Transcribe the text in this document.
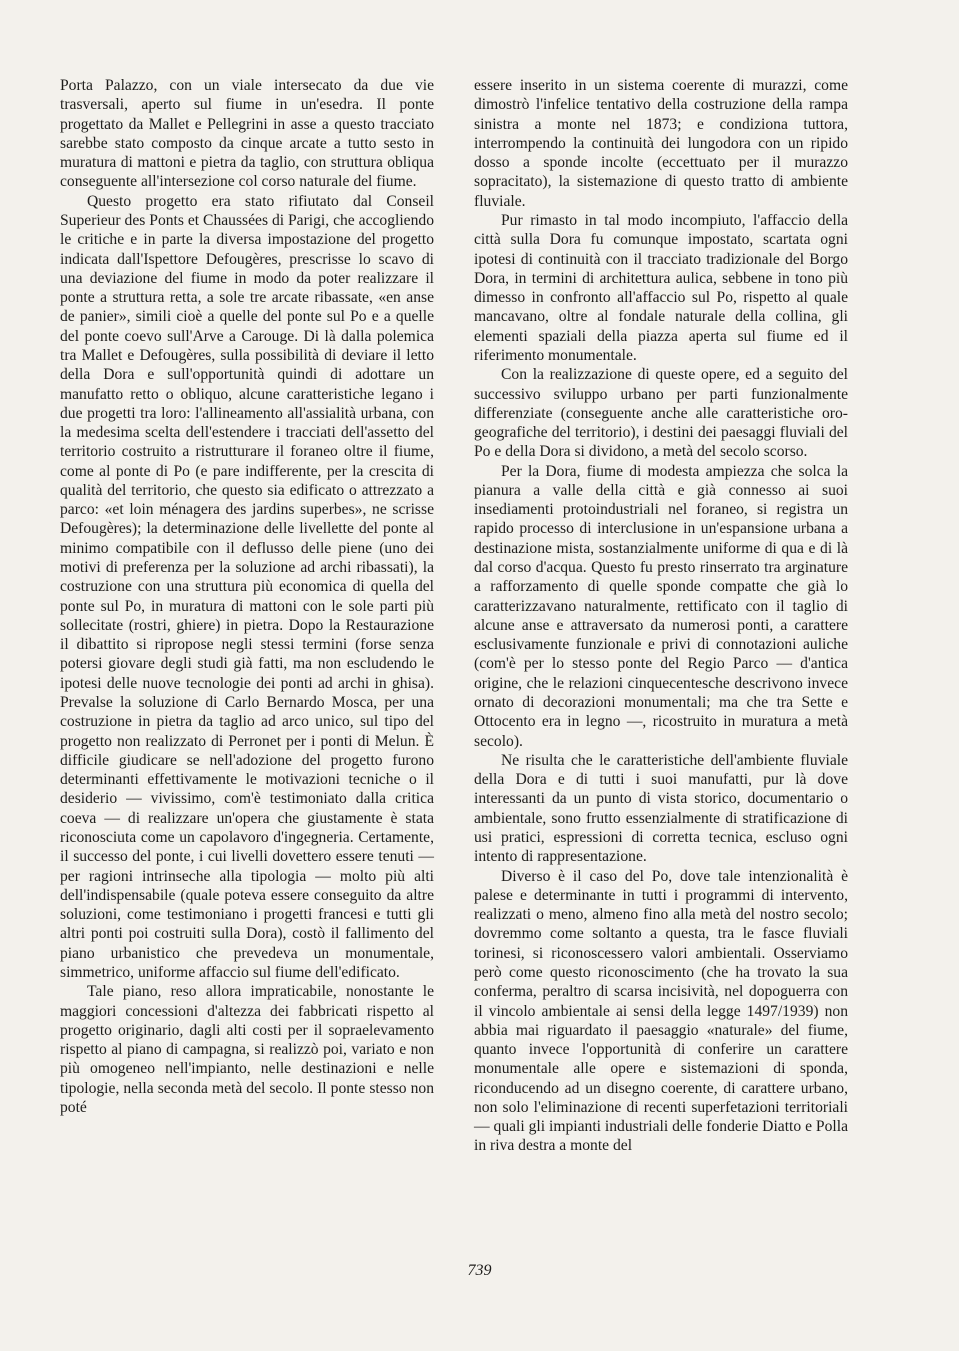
Porta Palazzo, con un viale intersecato da due vie trasversali, aperto sul fiume in un'esedra. Il ponte progettato da Mallet e Pellegrini in asse a questo tracciato sarebbe stato composto da cinque arcate a tutto sesto in muratura di mattoni e pietra da taglio, con struttura obliqua conseguente all'intersezione col corso naturale del fiume.

Questo progetto era stato rifiutato dal Conseil Superieur des Ponts et Chaussées di Parigi, che accogliendo le critiche e in parte la diversa impostazione del progetto indicata dall'Ispettore Defougères, prescrisse lo scavo di una deviazione del fiume in modo da poter realizzare il ponte a struttura retta, a sole tre arcate ribassate, «en anse de panier», simili cioè a quelle del ponte sul Po e a quelle del ponte coevo sull'Arve a Carouge. Di là dalla polemica tra Mallet e Defougères, sulla possibilità di deviare il letto della Dora e sull'opportunità quindi di adottare un manufatto retto o obliquo, alcune caratteristiche legano i due progetti tra loro: l'allineamento all'assialità urbana, con la medesima scelta dell'estendere i tracciati dell'assetto del territorio costruito a ristrutturare il foraneo oltre il fiume, come al ponte di Po (e pare indifferente, per la crescita di qualità del territorio, che questo sia edificato o attrezzato a parco: «et loin ménagera des jardins superbes», ne scrisse Defougères); la determinazione delle livellette del ponte al minimo compatibile con il deflusso delle piene (uno dei motivi di preferenza per la soluzione ad archi ribassati), la costruzione con una struttura più economica di quella del ponte sul Po, in muratura di mattoni con le sole parti più sollecitate (rostri, ghiere) in pietra. Dopo la Restaurazione il dibattito si ripropose negli stessi termini (forse senza potersi giovare degli studi già fatti, ma non escludendo le ipotesi delle nuove tecnologie dei ponti ad archi in ghisa). Prevalse la soluzione di Carlo Bernardo Mosca, per una costruzione in pietra da taglio ad arco unico, sul tipo del progetto non realizzato di Perronet per i ponti di Melun. È difficile giudicare se nell'adozione del progetto furono determinanti effettivamente le motivazioni tecniche o il desiderio — vivissimo, com'è testimoniato dalla critica coeva — di realizzare un'opera che giustamente è stata riconosciuta come un capolavoro d'ingegneria. Certamente, il successo del ponte, i cui livelli dovettero essere tenuti — per ragioni intrinseche alla tipologia — molto più alti dell'indispensabile (quale poteva essere conseguito da altre soluzioni, come testimoniano i progetti francesi e tutti gli altri ponti poi costruiti sulla Dora), costò il fallimento del piano urbanistico che prevedeva un monumentale, simmetrico, uniforme affaccio sul fiume dell'edificato.

Tale piano, reso allora impraticabile, nonostante le maggiori concessioni d'altezza dei fabbricati rispetto al progetto originario, dagli alti costi per il sopraelevamento rispetto al piano di campagna, si realizzò poi, variato e non più omogeneo nell'impianto, nelle destinazioni e nelle tipologie, nella seconda metà del secolo. Il ponte stesso non poté

essere inserito in un sistema coerente di murazzi, come dimostrò l'infelice tentativo della costruzione della rampa sinistra a monte nel 1873; e condiziona tuttora, interrompendo la continuità dei lungodora con un ripido dosso a sponde incolte (eccettuato per il murazzo sopracitato), la sistemazione di questo tratto di ambiente fluviale.

Pur rimasto in tal modo incompiuto, l'affaccio della città sulla Dora fu comunque impostato, scartata ogni ipotesi di continuità con il tracciato tradizionale del Borgo Dora, in termini di architettura aulica, sebbene in tono più dimesso in confronto all'affaccio sul Po, rispetto al quale mancavano, oltre al fondale naturale della collina, gli elementi spaziali della piazza aperta sul fiume ed il riferimento monumentale.

Con la realizzazione di queste opere, ed a seguito del successivo sviluppo urbano per parti funzionalmente differenziate (conseguente anche alle caratteristiche oro-geografiche del territorio), i destini dei paesaggi fluviali del Po e della Dora si dividono, a metà del secolo scorso.

Per la Dora, fiume di modesta ampiezza che solca la pianura a valle della città e già connesso ai suoi insediamenti protoindustriali nel foraneo, si registra un rapido processo di interclusione in un'espansione urbana a destinazione mista, sostanzialmente uniforme di qua e di là dal corso d'acqua. Questo fu presto rinserrato tra arginature a rafforzamento di quelle sponde compatte che già lo caratterizzavano naturalmente, rettificato con il taglio di alcune anse e attraversato da numerosi ponti, a carattere esclusivamente funzionale e privi di connotazioni auliche (com'è per lo stesso ponte del Regio Parco — d'antica origine, che le relazioni cinquecentesche descrivono invece ornato di decorazioni monumentali; ma che tra Sette e Ottocento era in legno —, ricostruito in muratura a metà secolo).

Ne risulta che le caratteristiche dell'ambiente fluviale della Dora e di tutti i suoi manufatti, pur là dove interessanti da un punto di vista storico, documentario o ambientale, sono frutto essenzialmente di stratificazione di usi pratici, espressioni di corretta tecnica, escluso ogni intento di rappresentazione.

Diverso è il caso del Po, dove tale intenzionalità è palese e determinante in tutti i programmi di intervento, realizzati o meno, almeno fino alla metà del nostro secolo; dovremmo come soltanto a questa, tra le fasce fluviali torinesi, si riconoscessero valori ambientali. Osserviamo però come questo riconoscimento (che ha trovato la sua conferma, peraltro di scarsa incisività, nel dopoguerra con il vincolo ambientale ai sensi della legge 1497/1939) non abbia mai riguardato il paesaggio «naturale» del fiume, quanto invece l'opportunità di conferire un carattere monumentale alle opere e sistemazioni di sponda, riconducendo ad un disegno coerente, di carattere urbano, non solo l'eliminazione di recenti superfetazioni territoriali — quali gli impianti industriali delle fonderie Diatto e Polla in riva destra a monte del

739
